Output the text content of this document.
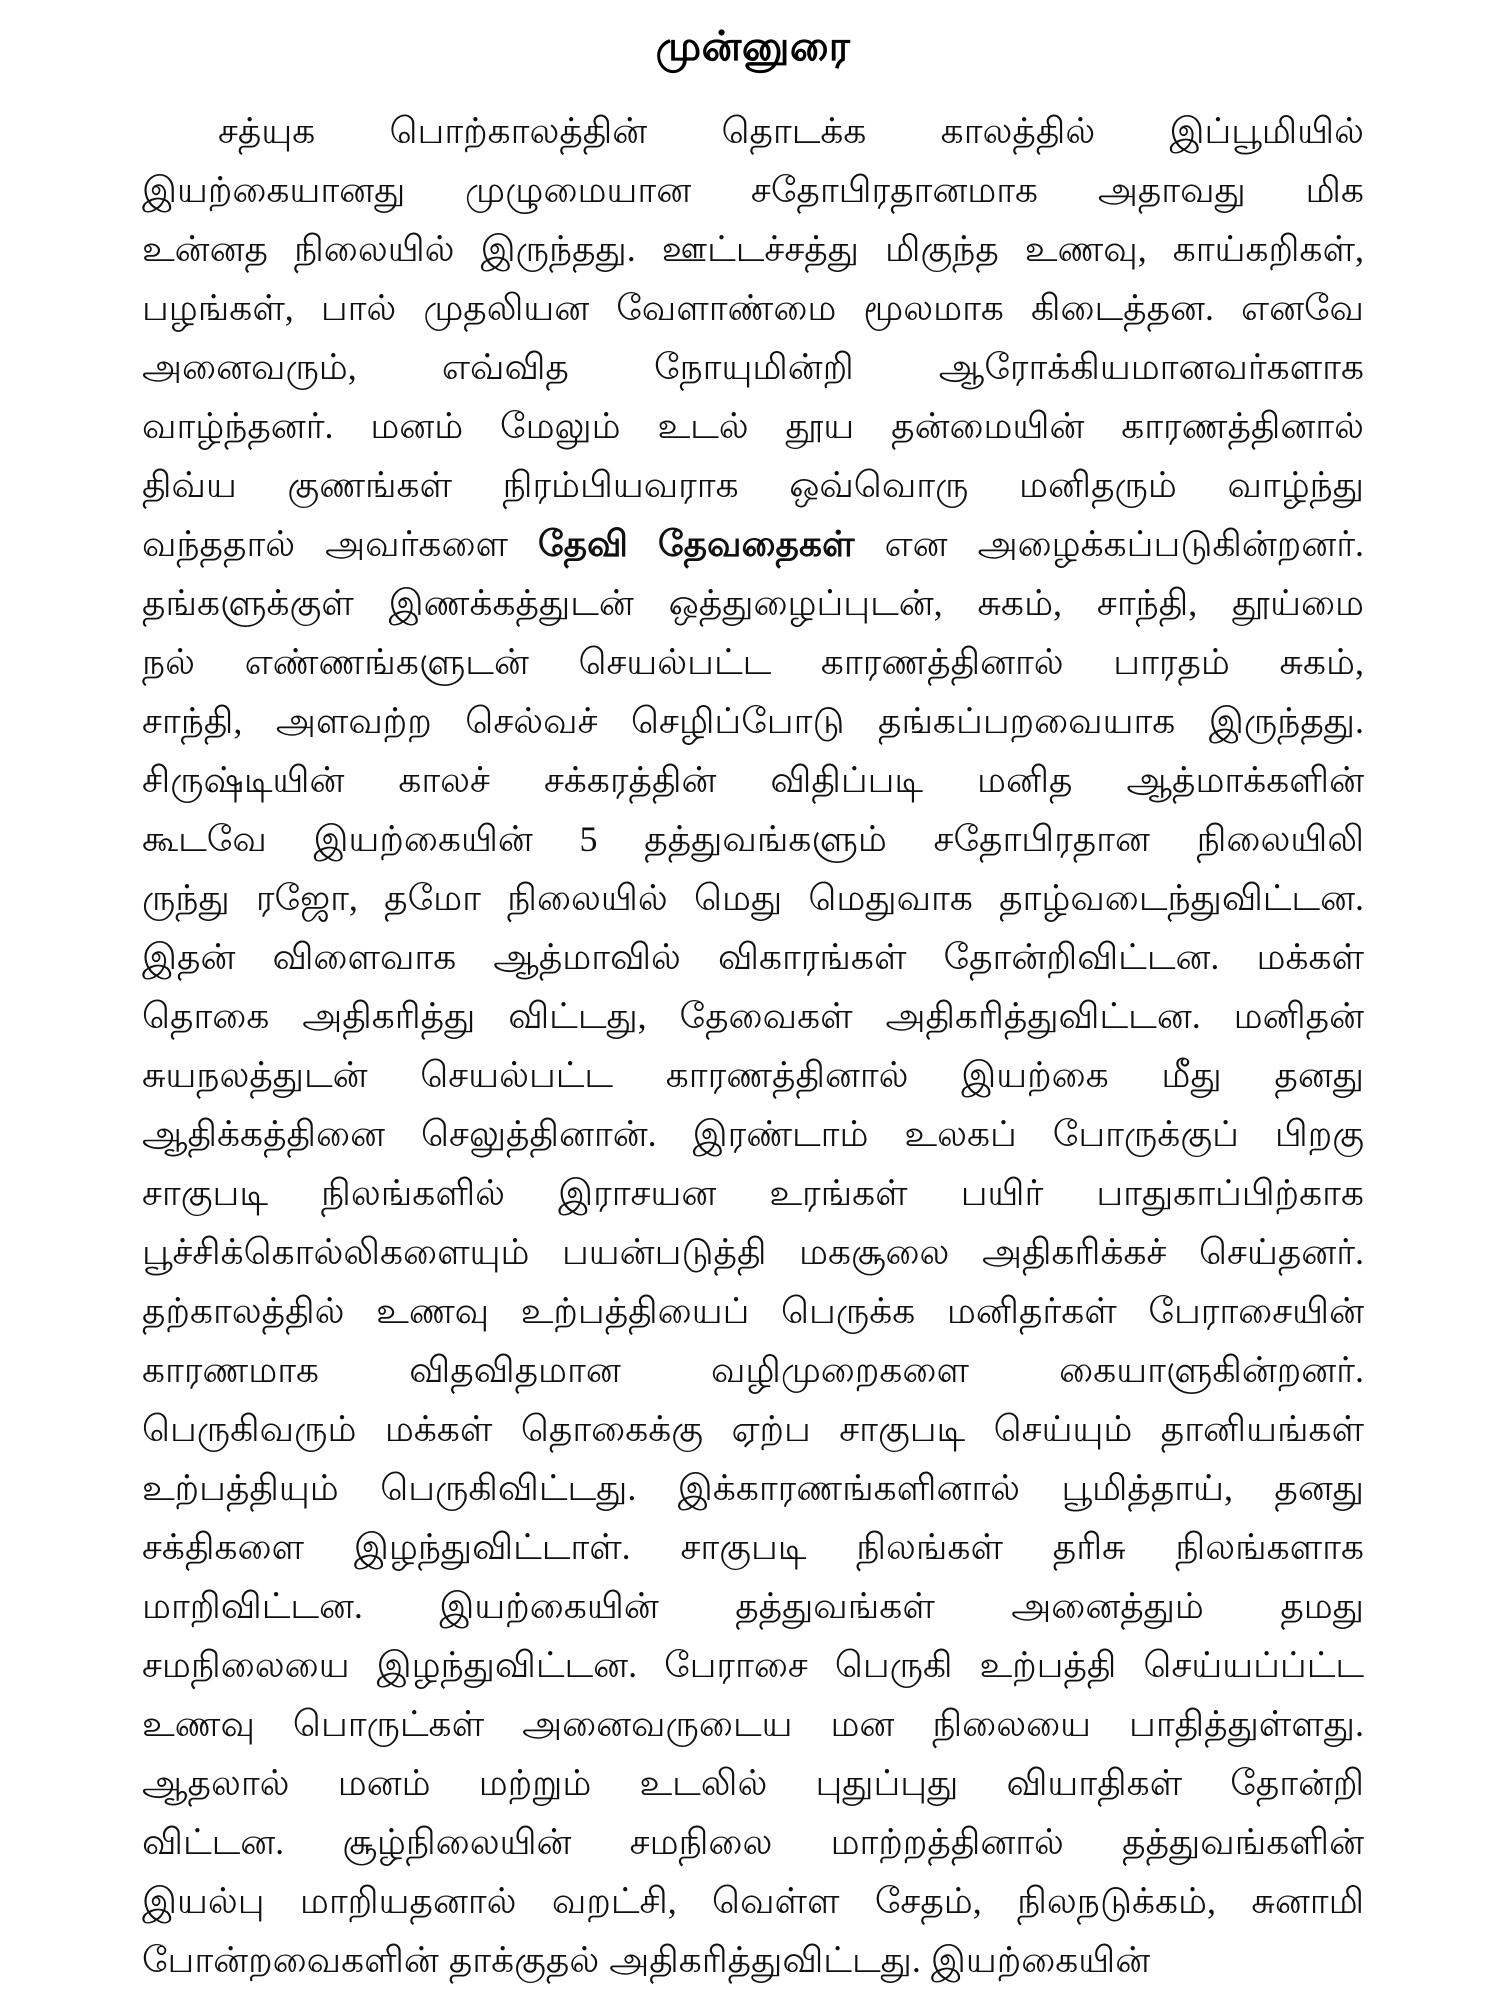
முன்னுரை
சத்யுக பொற்காலத்தின் தொடக்க காலத்தில் இப்பூமியில்
இயற்கையானது முழுமையான சதோபிரதானமாக அதாவது மிக
உன்னத நிலையில் இருந்தது. ஊட்டச்சத்து மிகுந்த உணவு, காய்கறிகள்,
பழங்கள், பால் முதலியன வேளாண்மை மூலமாக கிடைத்தன. எனவே
அனைவரும், எவ்வித நோயுமின்றி ஆரோக்கியமானவர்களாக
வாழ்ந்தனர். மனம் மேலும் உடல் தூய தன்மையின் காரணத்தினால்
திவ்ய குணங்கள் நிரம்பியவராக ஒவ்வொரு மனிதரும் வாழ்ந்து
வந்ததால் அவர்களை தேவி தேவதைகள் என அழைக்கப்படுகின்றனர்.
தங்களுக்குள் இணக்கத்துடன் ஒத்துழைப்புடன், சுகம், சாந்தி, தூய்மை
நல் எண்ணங்களுடன் செயல்பட்ட காரணத்தினால் பாரதம் சுகம்,
சாந்தி, அளவற்ற செல்வச் செழிப்போடு தங்கப்பறவையாக இருந்தது.
சிருஷ்டியின் காலச் சக்கரத்தின் விதிப்படி மனித ஆத்மாக்களின்
கூடவே இயற்கையின் 5 தத்துவங்களும் சதோபிரதான நிலையிலி
ருந்து ரஜோ, தமோ நிலையில் மெது மெதுவாக தாழ்வடைந்துவிட்டன.
இதன் விளைவாக ஆத்மாவில் விகாரங்கள் தோன்றிவிட்டன. மக்கள்
தொகை அதிகரித்து விட்டது, தேவைகள் அதிகரித்துவிட்டன. மனிதன்
சுயநலத்துடன் செயல்பட்ட காரணத்தினால் இயற்கை மீது தனது
ஆதிக்கத்தினை செலுத்தினான். இரண்டாம் உலகப் போருக்குப் பிறகு
சாகுபடி நிலங்களில் இராசயன உரங்கள் பயிர் பாதுகாப்பிற்காக
பூச்சிக்கொல்லிகளையும் பயன்படுத்தி மகசூலை அதிகரிக்கச் செய்தனர்.
தற்காலத்தில் உணவு உற்பத்தியைப் பெருக்க மனிதர்கள் பேராசையின்
காரணமாக விதவிதமான வழிமுறைகளை கையாளுகின்றனர்.
பெருகிவரும் மக்கள் தொகைக்கு ஏற்ப சாகுபடி செய்யும் தானியங்கள்
உற்பத்தியும் பெருகிவிட்டது. இக்காரணங்களினால் பூமித்தாய், தனது
சக்திகளை இழந்துவிட்டாள். சாகுபடி நிலங்கள் தரிசு நிலங்களாக
மாறிவிட்டன. இயற்கையின் தத்துவங்கள் அனைத்தும் தமது
சமநிலையை இழந்துவிட்டன. பேராசை பெருகி உற்பத்தி செய்யப்ப்ட்ட
உணவு பொருட்கள் அனைவருடைய மன நிலையை பாதித்துள்ளது.
ஆதலால் மனம் மற்றும் உடலில் புதுப்புது வியாதிகள் தோன்றி
விட்டன. சூழ்நிலையின் சமநிலை மாற்றத்தினால் தத்துவங்களின்
இயல்பு மாறியதனால் வறட்சி, வெள்ள சேதம், நிலநடுக்கம், சுனாமி
போன்றவைகளின் தாக்குதல் அதிகரித்துவிட்டது. இயற்கையின்
